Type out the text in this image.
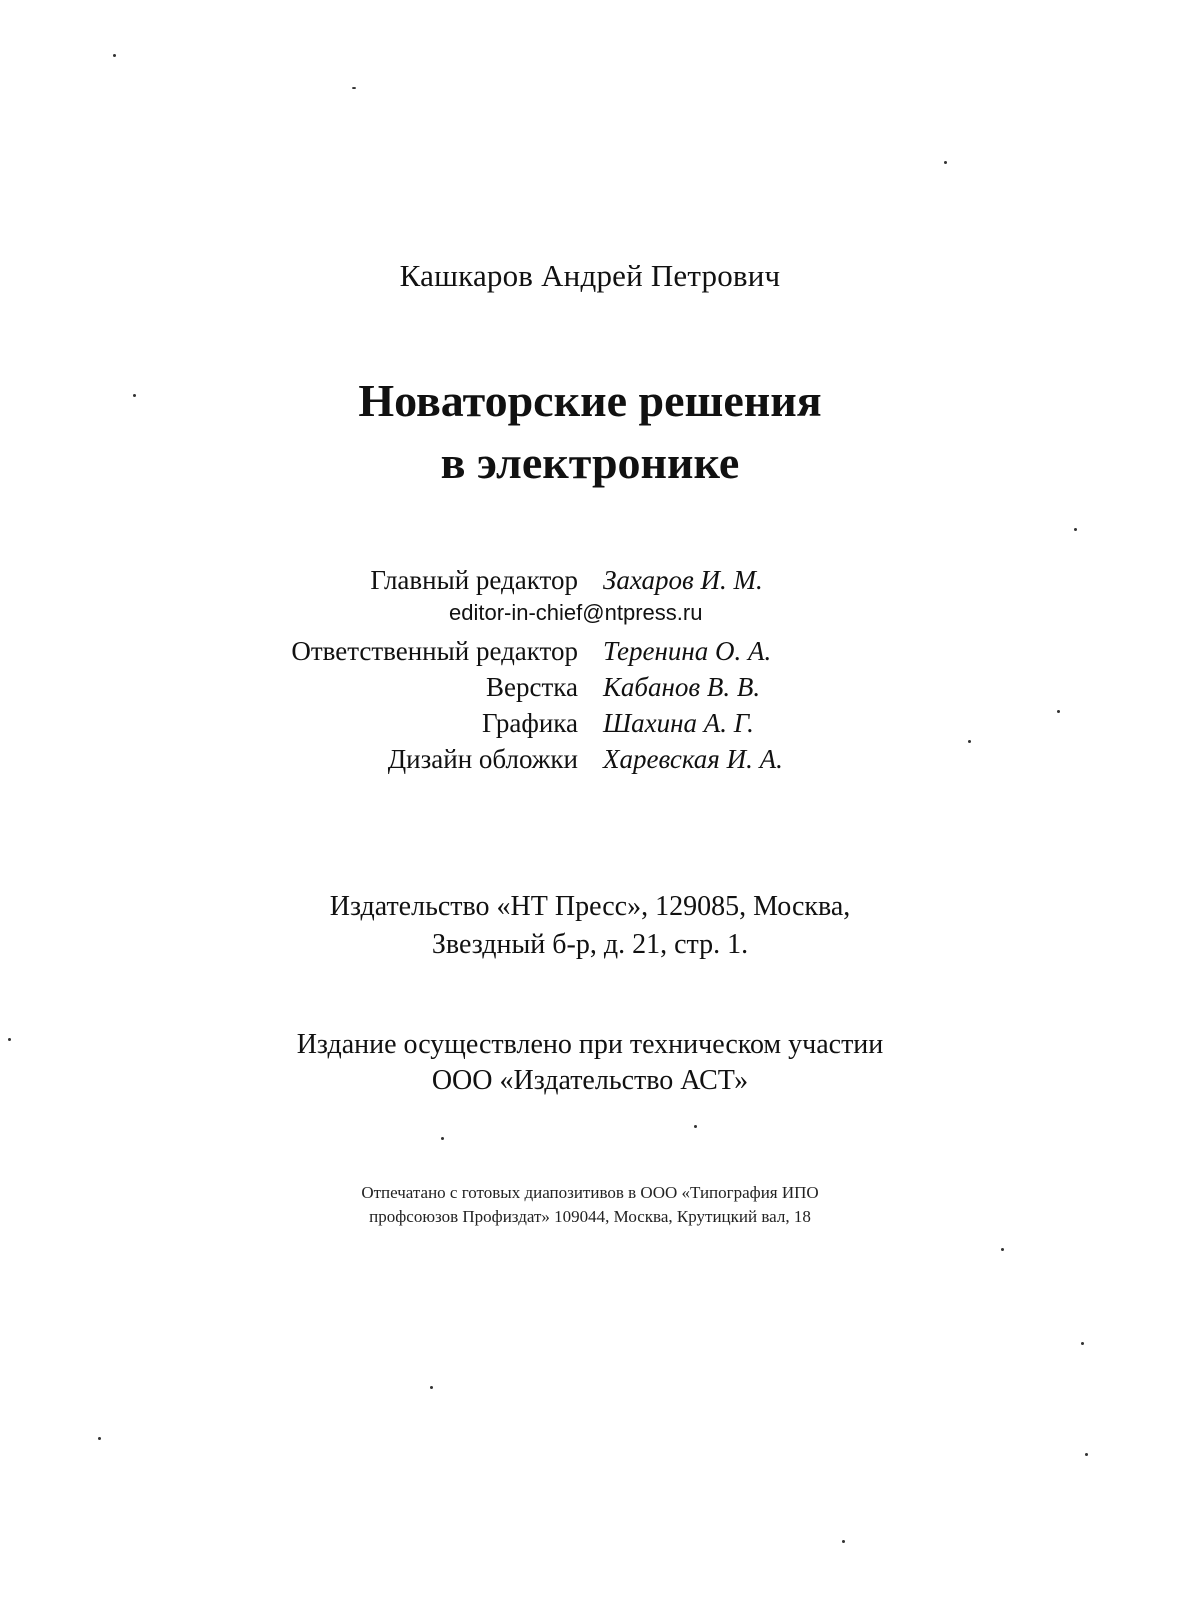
Кашкаров Андрей Петрович
Новаторские решения
в электронике
Главный редактор Захаров И. М.
editor-in-chief@ntpress.ru
Ответственный редактор Теренина О. А.
Верстка Кабанов В. В.
Графика Шахина А. Г.
Дизайн обложки Харевская И. А.
Издательство «НТ Пресс», 129085, Москва,
Звездный б-р, д. 21, стр. 1.
Издание осуществлено при техническом участии
ООО «Издательство АСТ»
Отпечатано с готовых диапозитивов в ООО «Типография ИПО
профсоюзов Профиздат» 109044, Москва, Крутицкий вал, 18
